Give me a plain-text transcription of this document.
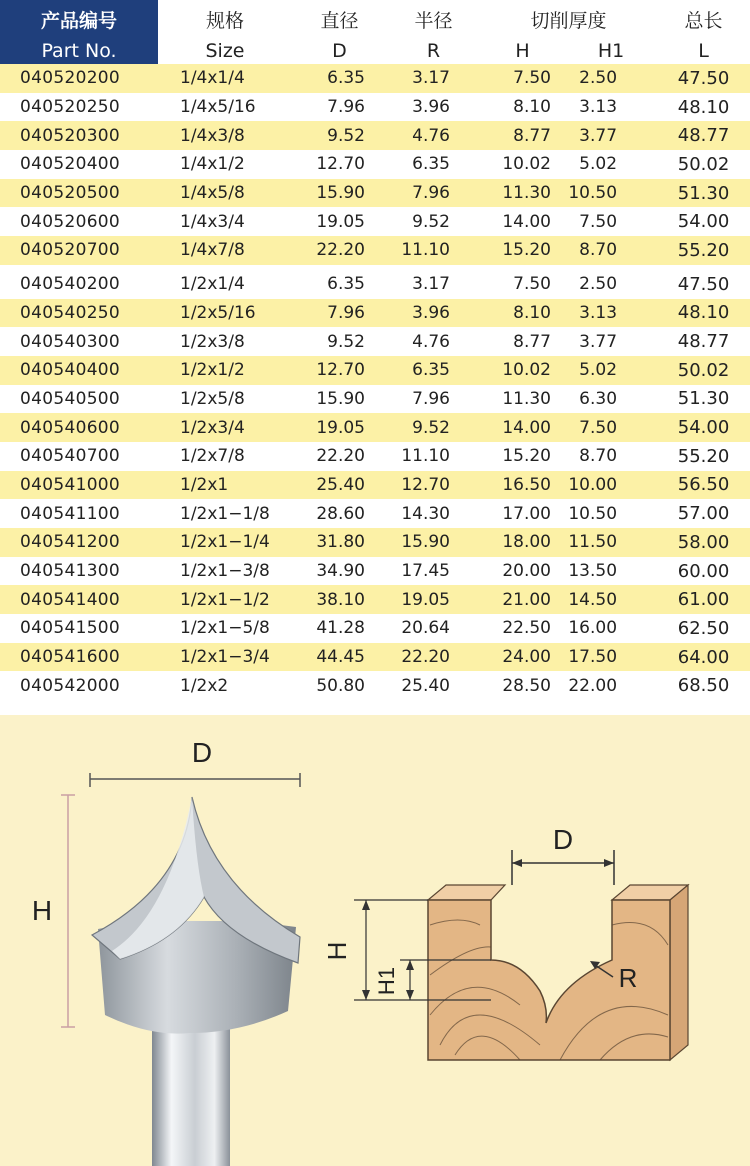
产品编号	规格	直径	半径	切削厚度		总长
Part No.	Size	D	R	H	H1	L
040520200	1/4x1/4	6.35	3.17	7.50	2.50	47.50
040520250	1/4x5/16	7.96	3.96	8.10	3.13	48.10
040520300	1/4x3/8	9.52	4.76	8.77	3.77	48.77
040520400	1/4x1/2	12.70	6.35	10.02	5.02	50.02
040520500	1/4x5/8	15.90	7.96	11.30	10.50	51.30
040520600	1/4x3/4	19.05	9.52	14.00	7.50	54.00
040520700	1/4x7/8	22.20	11.10	15.20	8.70	55.20
040540200	1/2x1/4	6.35	3.17	7.50	2.50	47.50
040540250	1/2x5/16	7.96	3.96	8.10	3.13	48.10
040540300	1/2x3/8	9.52	4.76	8.77	3.77	48.77
040540400	1/2x1/2	12.70	6.35	10.02	5.02	50.02
040540500	1/2x5/8	15.90	7.96	11.30	6.30	51.30
040540600	1/2x3/4	19.05	9.52	14.00	7.50	54.00
040540700	1/2x7/8	22.20	11.10	15.20	8.70	55.20
040541000	1/2x1	25.40	12.70	16.50	10.00	56.50
040541100	1/2x1−1/8	28.60	14.30	17.00	10.50	57.00
040541200	1/2x1−1/4	31.80	15.90	18.00	11.50	58.00
040541300	1/2x1−3/8	34.90	17.45	20.00	13.50	60.00
040541400	1/2x1−1/2	38.10	19.05	21.00	14.50	61.00
040541500	1/2x1−5/8	41.28	20.64	22.50	16.00	62.50
040541600	1/2x1−3/4	44.45	22.20	24.00	17.50	64.00
040542000	1/2x2	50.80	25.40	28.50	22.00	68.50
D
H
D
H
H1	R
